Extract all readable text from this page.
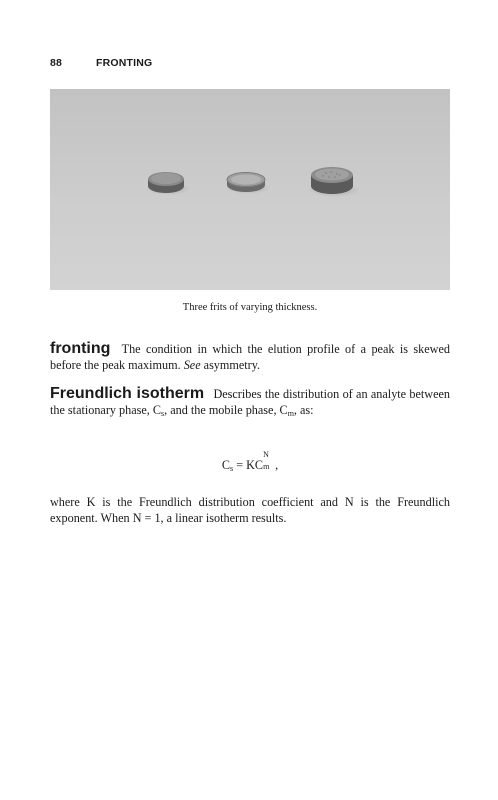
88	FRONTING

Three frits of varying thickness.

fronting The condition in which the elution profile of a peak is skewed before the peak maximum. See asymmetry.

Freundlich isotherm Describes the distribution of an analyte between the stationary phase, $C_s$, and the mobile phase, $C_m$, as:

$C_s$ = KC
N
m ,

where K is the Freundlich distribution coefficient and N is the Freundlich exponent. When N = 1, a linear isotherm results.
